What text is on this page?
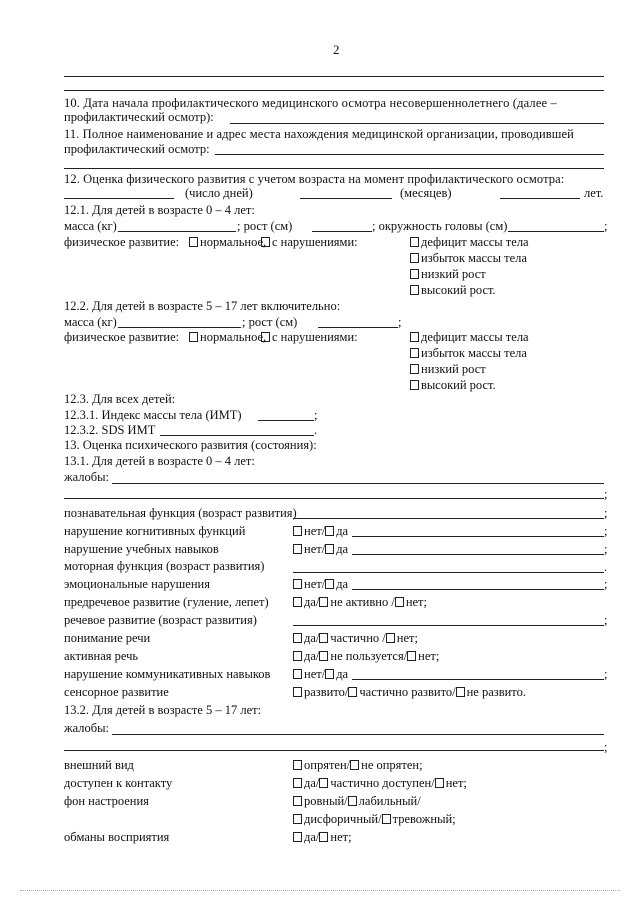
2
10. Дата начала профилактического медицинского осмотра несовершеннолетнего (далее –
профилактический осмотр):
11. Полное наименование и адрес места нахождения медицинской организации, проводившей
профилактический осмотр:
12. Оценка физического развития с учетом возраста на момент профилактического осмотра:
(число дней)	(месяцев)	лет.
12.1. Для детей в возрасте 0 – 4 лет:
масса (кг)	; рост (см)	; окружность головы (см)	;
физическое развитие:	нормальное, с нарушениями:	дефицит массы тела
избыток массы тела
низкий рост
высокий рост.
12.2. Для детей в возрасте 5 – 17 лет включительно:
масса (кг)	; рост (см)	;
физическое развитие:	нормальное, с нарушениями:	дефицит массы тела
избыток массы тела
низкий рост
высокий рост.
12.3. Для всех детей:
12.3.1. Индекс массы тела (ИМТ)	;
12.3.2. SDS ИМТ	.
13. Оценка психического развития (состояния):
13.1. Для детей в возрасте 0 – 4 лет:
жалобы:
;
познавательная функция (возраст развития)	;
нарушение когнитивных функций	нет/ да	;
нарушение учебных навыков	нет/ да	;
моторная функция (возраст развития)	.
эмоциональные нарушения	нет/ да	;
предречевое развитие (гуление, лепет)	да/ не активно / нет;
речевое развитие (возраст развития)	;
понимание речи	да/ частично / нет;
активная речь	да/ не пользуется/ нет;
нарушение коммуникативных навыков	нет/ да	;
сенсорное развитие	развито/ частично развито/ не развито.
13.2. Для детей в возрасте 5 – 17 лет:
жалобы:
;
внешний вид	опрятен/ не опрятен;
доступен к контакту	да/ частично доступен/ нет;
фон настроения	ровный/ лабильный/
дисфоричный/ тревожный;
обманы восприятия	да/ нет;
